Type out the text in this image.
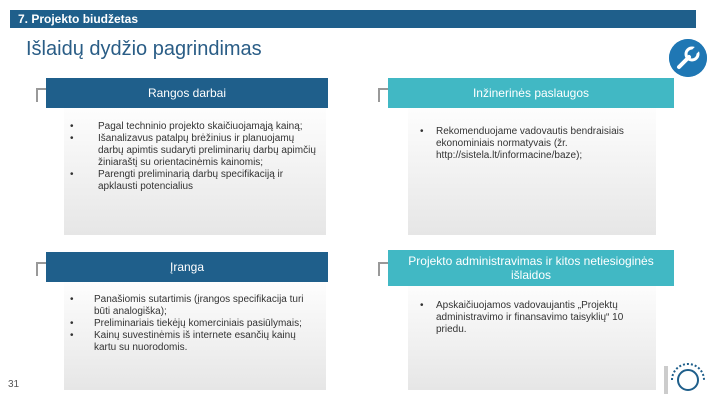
7. Projekto biudžetas
Išlaidų dydžio pagrindimas
Rangos darbai
• Pagal techninio projekto skaičiuojamąją kainą;
• Išanalizavus patalpų brėžinius ir planuojamų darbų apimtis sudaryti preliminarių darbų apimčių žiniaraštį su orientacinėmis kainomis;
• Parengti preliminarią darbų specifikaciją ir apklausti potencialius
Inžinerinės paslaugos
• Rekomenduojame vadovautis bendraisiais ekonominiais normatyvais (žr. http://sistela.lt/informacine/baze);
Įranga
• Panašiomis sutartimis (įrangos specifikacija turi būti analogiška);
• Preliminariais tiekėjų komerciniais pasiūlymais;
• Kainų suvestinėmis iš internete esančių kainų kartu su nuorodomis.
Projekto administravimas ir kitos netiesioginės išlaidos
• Apskaičiuojamos vadovaujantis „Projektų administravimo ir finansavimo taisyklių“ 10 priedu.
31
